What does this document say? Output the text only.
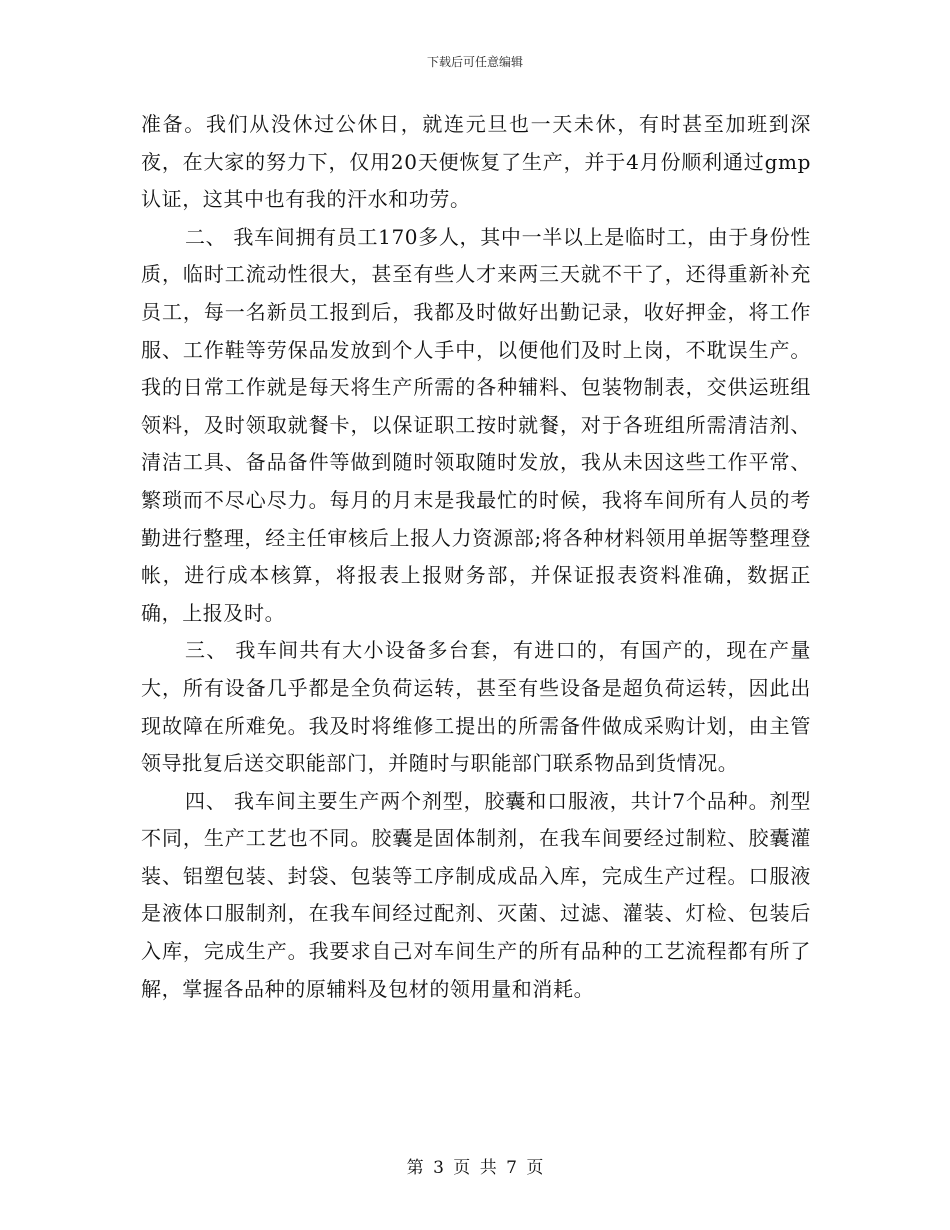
下载后可任意编辑

准备。我们从没休过公休日，就连元旦也一天未休，有时甚至加班到深夜，在大家的努力下，仅用20天便恢复了生产，并于4月份顺利通过gmp认证，这其中也有我的汗水和功劳。

二、 我车间拥有员工170多人，其中一半以上是临时工，由于身份性质，临时工流动性很大，甚至有些人才来两三天就不干了，还得重新补充员工，每一名新员工报到后，我都及时做好出勤记录，收好押金，将工作服、工作鞋等劳保品发放到个人手中，以便他们及时上岗，不耽误生产。我的日常工作就是每天将生产所需的各种辅料、包装物制表，交供运班组领料，及时领取就餐卡，以保证职工按时就餐，对于各班组所需清洁剂、清洁工具、备品备件等做到随时领取随时发放，我从未因这些工作平常、繁琐而不尽心尽力。每月的月末是我最忙的时候，我将车间所有人员的考勤进行整理，经主任审核后上报人力资源部;将各种材料领用单据等整理登帐，进行成本核算，将报表上报财务部，并保证报表资料准确，数据正确，上报及时。

三、 我车间共有大小设备多台套，有进口的，有国产的，现在产量大，所有设备几乎都是全负荷运转，甚至有些设备是超负荷运转，因此出现故障在所难免。我及时将维修工提出的所需备件做成采购计划，由主管领导批复后送交职能部门，并随时与职能部门联系物品到货情况。

四、 我车间主要生产两个剂型，胶囊和口服液，共计7个品种。剂型不同，生产工艺也不同。胶囊是固体制剂，在我车间要经过制粒、胶囊灌装、铝塑包装、封袋、包装等工序制成成品入库，完成生产过程。口服液是液体口服制剂，在我车间经过配剂、灭菌、过滤、灌装、灯检、包装后入库，完成生产。我要求自己对车间生产的所有品种的工艺流程都有所了解，掌握各品种的原辅料及包材的领用量和消耗。

第 3 页 共 7 页
